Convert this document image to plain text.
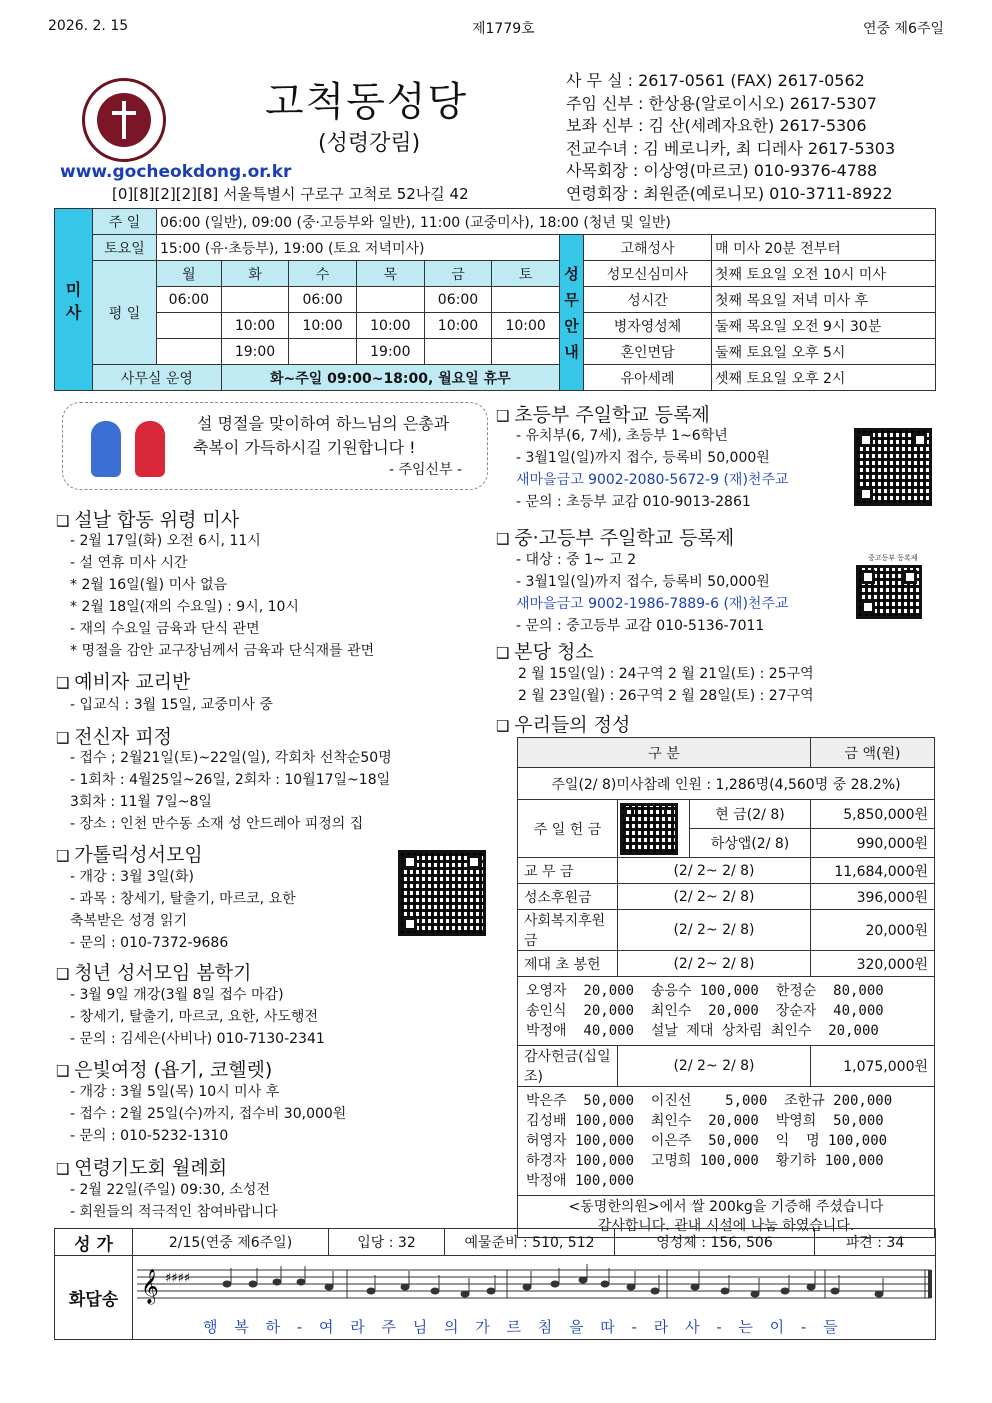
2026. 2. 15	제1779호	연중 제6주일
고척동성당
(성령강림)
www.gocheokdong.or.kr
[0][8][2][2][8] 서울특별시 구로구 고척로 52나길 42
사 무 실 : 2617-0561 (FAX) 2617-0562
주임 신부 : 한상용(알로이시오) 2617-5307
보좌 신부 : 김 산(세례자요한) 2617-5306
전교수녀 : 김 베로니카, 최 디레사 2617-5303
사목회장 : 이상영(마르코) 010-9376-4788
연령회장 : 최원준(예로니모) 010-3711-8922
미 사	주 일	06:00 (일반), 09:00 (중·고등부와 일반), 11:00 (교중미사), 18:00 (청년 및 일반)								
	토요일	15:00 (유·초등부), 19:00 (토요 저녁미사)						성 무 안 내	고해성사	매 미사 20분 전부터
	평 일	월	화	수	목	금	토		성모신심미사	첫째 토요일 오전 10시 미사
		06:00		06:00		06:00			성시간	첫째 목요일 저녁 미사 후
			10:00	10:00	10:00	10:00	10:00		병자영성체	둘째 목요일 오전 9시 30분
			19:00		19:00				혼인면담	둘째 토요일 오후 5시
	사무실 운영		화~주일 09:00~18:00, 월요일 휴무						유아세례	셋째 토요일 오후 2시
설 명절을 맞이하여 하느님의 은총과
축복이 가득하시길 기원합니다 !
- 주임신부 -
❑ 설날 합동 위령 미사
- 2월 17일(화) 오전 6시, 11시
- 설 연휴 미사 시간
* 2월 16일(월) 미사 없음
* 2월 18일(재의 수요일) : 9시, 10시
- 재의 수요일 금육과 단식 관면
* 명절을 감안 교구장님께서 금육과 단식재를 관면
❑ 예비자 교리반
- 입교식 : 3월 15일, 교중미사 중
❑ 전신자 피정
- 접수 ; 2월21일(토)~22일(일), 각회차 선착순50명
- 1회차 : 4월25일~26일, 2회차 : 10월17일~18일
3회차 : 11월 7일~8일
- 장소 : 인천 만수동 소재 성 안드레아 피정의 집
❑ 가톨릭성서모임
- 개강 : 3월 3일(화)
- 과목 : 창세기, 탈출기, 마르코, 요한
축복받은 성경 읽기
- 문의 : 010-7372-9686
❑ 청년 성서모임 봄학기
- 3월 9일 개강(3월 8일 접수 마감)
- 창세기, 탈출기, 마르코, 요한, 사도행전
- 문의 : 김세은(사비나) 010-7130-2341
❑ 은빛여정 (욥기, 코헬렛)
- 개강 : 3월 5일(목) 10시 미사 후
- 접수 : 2월 25일(수)까지, 접수비 30,000원
- 문의 : 010-5232-1310
❑ 연령기도회 월례회
- 2월 22일(주일) 09:30, 소성전
- 회원들의 적극적인 참여바랍니다
❑ 초등부 주일학교 등록제
- 유치부(6, 7세), 초등부 1~6학년
- 3월1일(일)까지 접수, 등록비 50,000원
새마을금고 9002-2080-5672-9 (재)천주교
- 문의 : 초등부 교감 010-9013-2861
❑ 중·고등부 주일학교 등록제
- 대상 : 중 1~ 고 2
- 3월1일(일)까지 접수, 등록비 50,000원
새마을금고 9002-1986-7889-6 (재)천주교
- 문의 : 중고등부 교감 010-5136-7011
중고등부 등록제
❑ 본당 청소
2 월 15일(일) : 24구역 2 월 21일(토) : 25구역
2 월 23일(월) : 26구역 2 월 28일(토) : 27구역
❑ 우리들의 정성
구 분			금 액(원)
주일(2/ 8)미사참례 인원 : 1,286명(4,560명 중 28.2%)			
주 일 헌 금		현 금(2/ 8)	5,850,000원
		하상앱(2/ 8)	990,000원
교 무 금	(2/ 2~ 2/ 8)		11,684,000원
성소후원금	(2/ 2~ 2/ 8)		396,000원
사회복지후원금	(2/ 2~ 2/ 8)		20,000원
제대 초 봉헌	(2/ 2~ 2/ 8)		320,000원

오영자  20,000  송응수 100,000  한정순  80,000
송인식  20,000  최인수  20,000  장순자  40,000
박정애  40,000  설날 제대 상차림 최인수  20,000			

감사헌금(십일조)	(2/ 2~ 2/ 8)		1,075,000원

박은주  50,000  이진선    5,000  조한규 200,000
김성배 100,000  최인수  20,000  박영희  50,000
허영자 100,000  이은주  50,000  익  명 100,000
하경자 100,000  고명희 100,000  황기하 100,000
박정애 100,000			

<동명한의원>에서 쌀 200kg을 기증해 주셨습니다
감사합니다. 관내 시설에 나눔 하였습니다.			
성 가	2/15(연중 제6주일)	입당 : 32	예물준비 : 510, 512	영성체 : 156, 506	파견 : 34
화답송 𝄞 ♯♯♯♯
행 복 하 - 여 라 주 님 의 가 르 침 을 따 - 라 사 - 는 이 - 들
